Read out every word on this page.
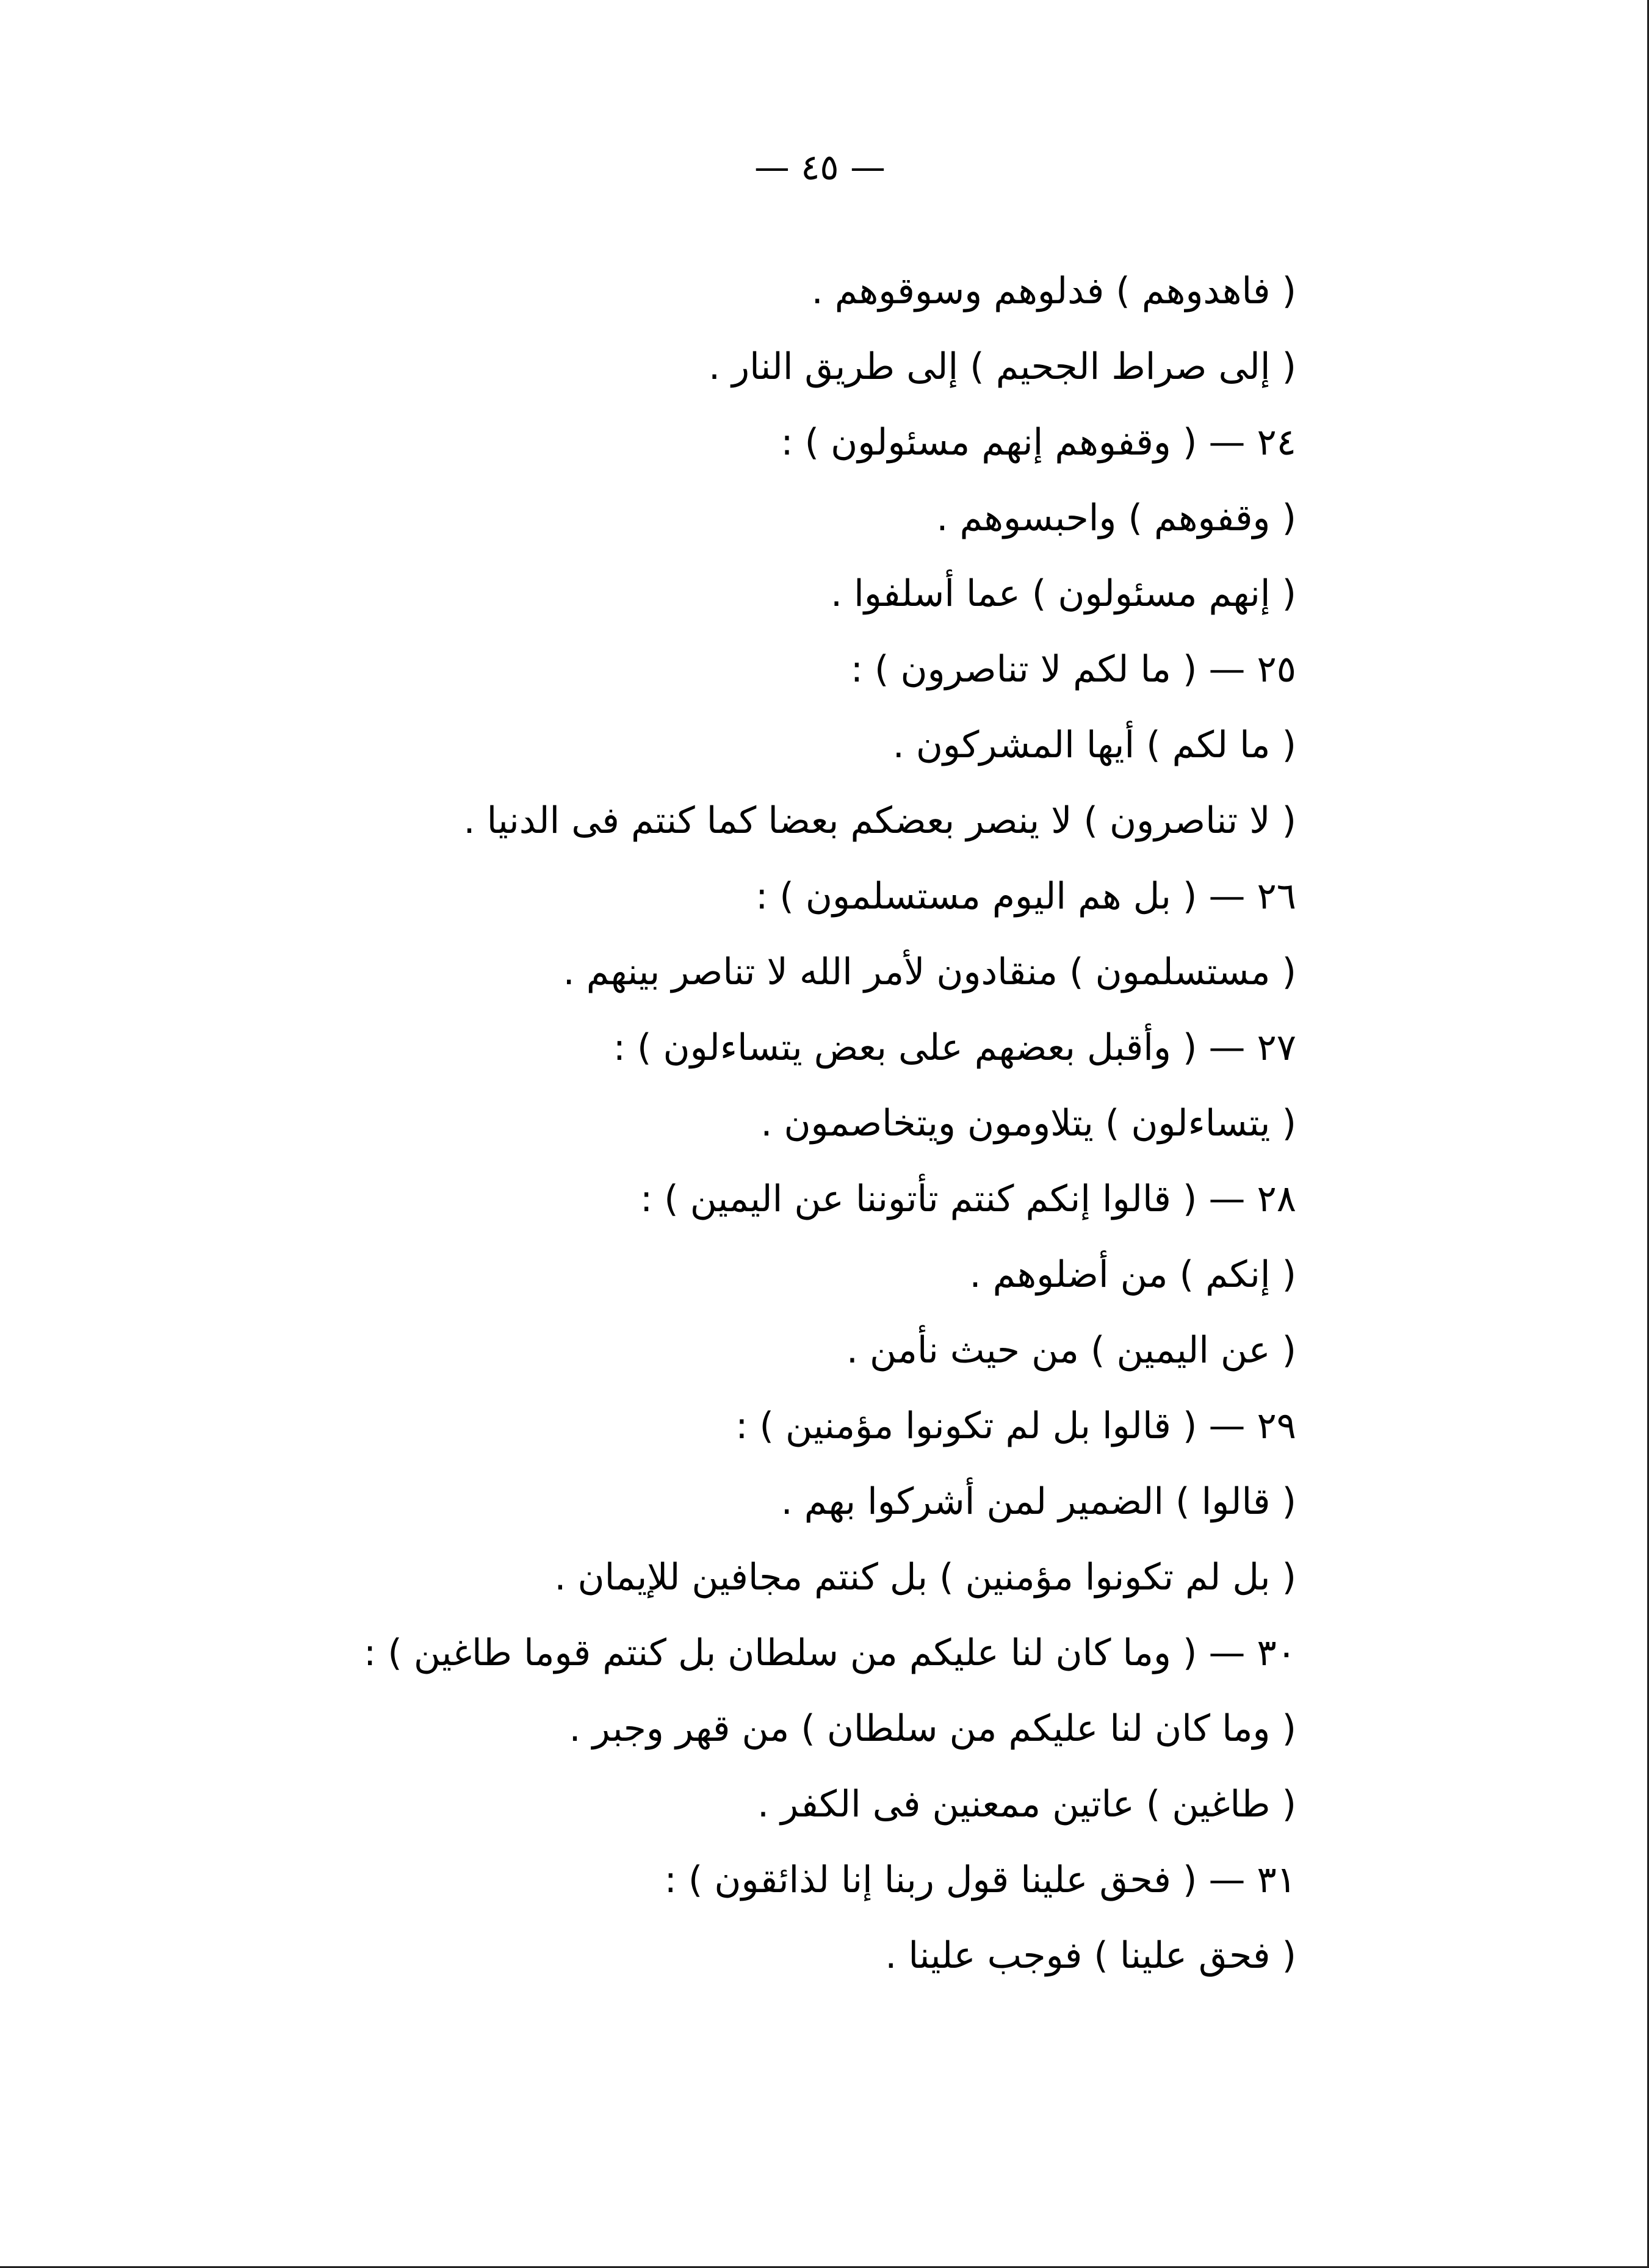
— ٤٥ —
( فاهدوهم ) فدلوهم وسوقوهم .
( إلى صراط الجحيم ) إلى طريق النار .
٢٤ — ( وقفوهم إنهم مسئولون ) :
( وقفوهم ) واحبسوهم .
( إنهم مسئولون ) عما أسلفوا .
٢٥ — ( ما لكم لا تناصرون ) :
( ما لكم ) أيها المشركون .
( لا تناصرون ) لا ينصر بعضكم بعضا كما كنتم فى الدنيا .
٢٦ — ( بل هم اليوم مستسلمون ) :
( مستسلمون ) منقادون لأمر الله لا تناصر بينهم .
٢٧ — ( وأقبل بعضهم على بعض يتساءلون ) :
( يتساءلون ) يتلاومون ويتخاصمون .
٢٨ — ( قالوا إنكم كنتم تأتوننا عن اليمين ) :
( إنكم ) من أضلوهم .
( عن اليمين ) من حيث نأمن .
٢٩ — ( قالوا بل لم تكونوا مؤمنين ) :
( قالوا ) الضمير لمن أشركوا بهم .
( بل لم تكونوا مؤمنين ) بل كنتم مجافين للإيمان .
٣٠ — ( وما كان لنا عليكم من سلطان بل كنتم قوما طاغين ) :
( وما كان لنا عليكم من سلطان ) من قهر وجبر .
( طاغين ) عاتين ممعنين فى الكفر .
٣١ — ( فحق علينا قول ربنا إنا لذائقون ) :
( فحق علينا ) فوجب علينا .
